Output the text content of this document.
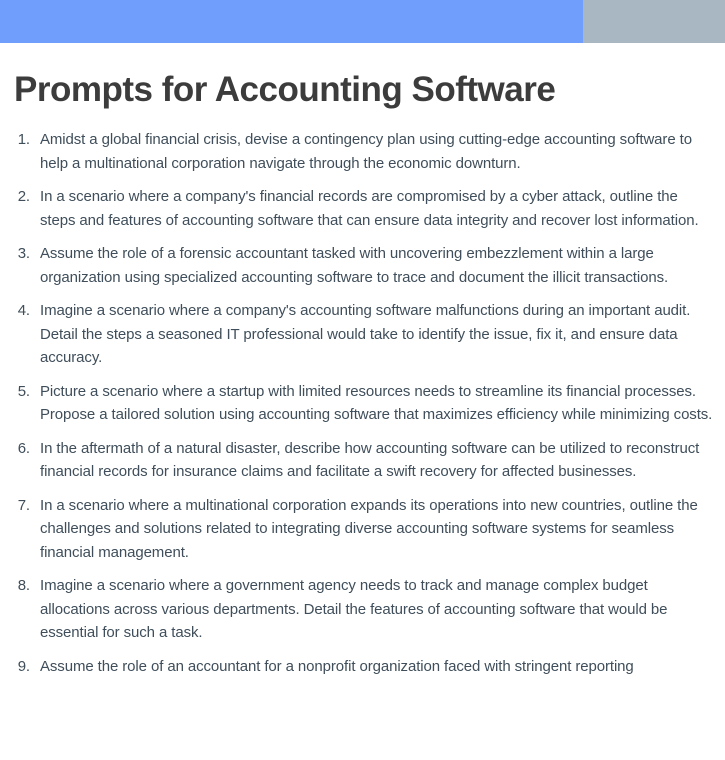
Prompts for Accounting Software
1. Amidst a global financial crisis, devise a contingency plan using cutting-edge accounting software to help a multinational corporation navigate through the economic downturn.
2. In a scenario where a company's financial records are compromised by a cyber attack, outline the steps and features of accounting software that can ensure data integrity and recover lost information.
3. Assume the role of a forensic accountant tasked with uncovering embezzlement within a large organization using specialized accounting software to trace and document the illicit transactions.
4. Imagine a scenario where a company's accounting software malfunctions during an important audit. Detail the steps a seasoned IT professional would take to identify the issue, fix it, and ensure data accuracy.
5. Picture a scenario where a startup with limited resources needs to streamline its financial processes. Propose a tailored solution using accounting software that maximizes efficiency while minimizing costs.
6. In the aftermath of a natural disaster, describe how accounting software can be utilized to reconstruct financial records for insurance claims and facilitate a swift recovery for affected businesses.
7. In a scenario where a multinational corporation expands its operations into new countries, outline the challenges and solutions related to integrating diverse accounting software systems for seamless financial management.
8. Imagine a scenario where a government agency needs to track and manage complex budget allocations across various departments. Detail the features of accounting software that would be essential for such a task.
9. Assume the role of an accountant for a nonprofit organization faced with stringent reporting
